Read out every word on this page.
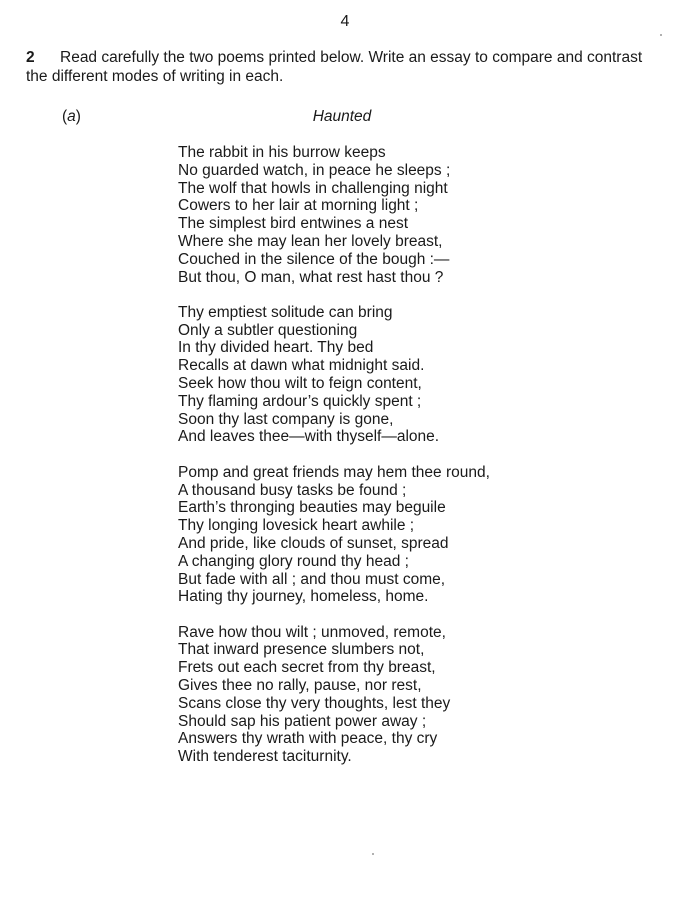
4
2 Read carefully the two poems printed below. Write an essay to compare and contrast
the different modes of writing in each.
(a)	Haunted
The rabbit in his burrow keeps
No guarded watch, in peace he sleeps ;
The wolf that howls in challenging night
Cowers to her lair at morning light ;
The simplest bird entwines a nest
Where she may lean her lovely breast,
Couched in the silence of the bough :—
But thou, O man, what rest hast thou ?
Thy emptiest solitude can bring
Only a subtler questioning
In thy divided heart. Thy bed
Recalls at dawn what midnight said.
Seek how thou wilt to feign content,
Thy flaming ardour’s quickly spent ;
Soon thy last company is gone,
And leaves thee—with thyself—alone.
Pomp and great friends may hem thee round,
A thousand busy tasks be found ;
Earth’s thronging beauties may beguile
Thy longing lovesick heart awhile ;
And pride, like clouds of sunset, spread
A changing glory round thy head ;
But fade with all ; and thou must come,
Hating thy journey, homeless, home.
Rave how thou wilt ; unmoved, remote,
That inward presence slumbers not,
Frets out each secret from thy breast,
Gives thee no rally, pause, nor rest,
Scans close thy very thoughts, lest they
Should sap his patient power away ;
Answers thy wrath with peace, thy cry
With tenderest taciturnity.
